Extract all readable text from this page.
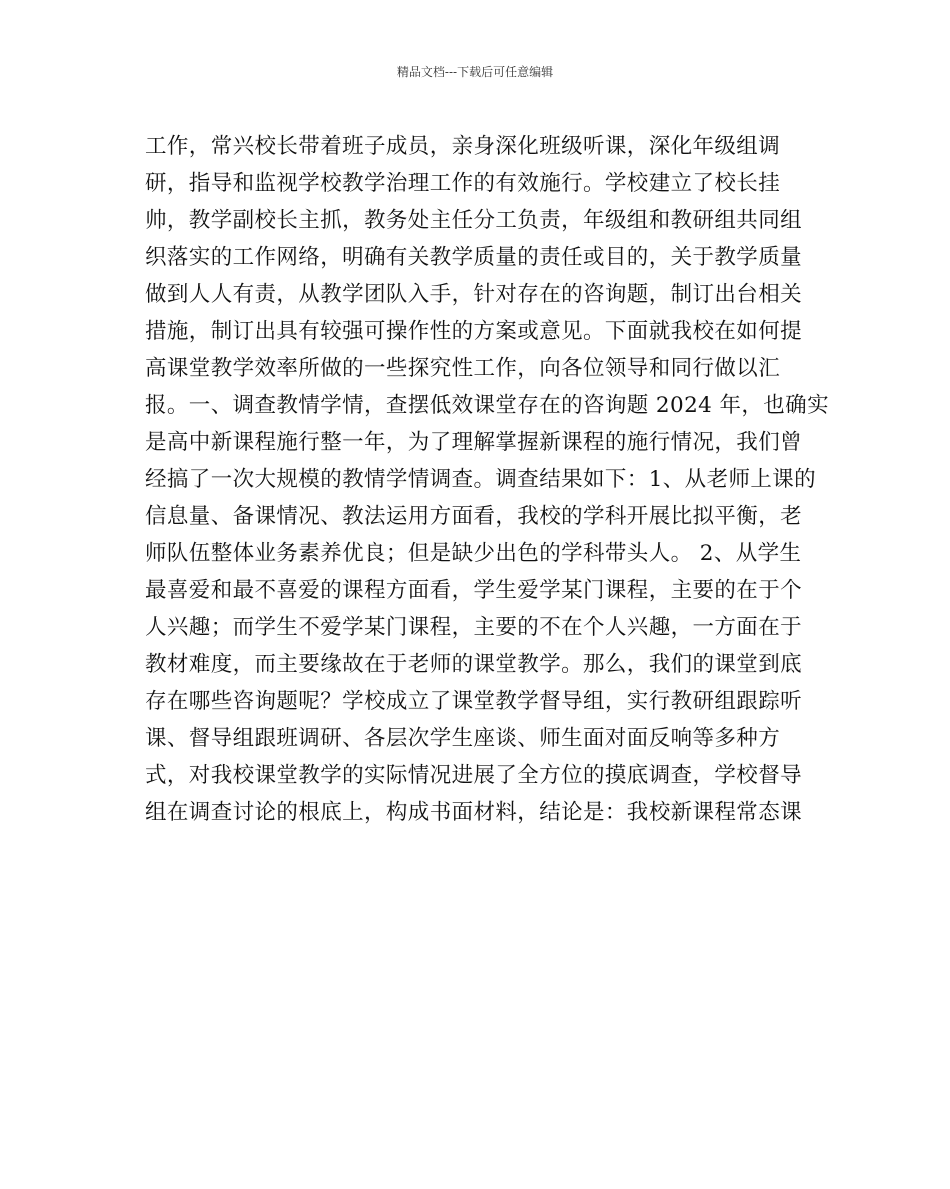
精品文档---下载后可任意编辑
工作，常兴校长带着班子成员，亲身深化班级听课，深化年级组调
研，指导和监视学校教学治理工作的有效施行。学校建立了校长挂
帅，教学副校长主抓，教务处主任分工负责，年级组和教研组共同组
织落实的工作网络，明确有关教学质量的责任或目的，关于教学质量
做到人人有责，从教学团队入手，针对存在的咨询题，制订出台相关
措施，制订出具有较强可操作性的方案或意见。下面就我校在如何提
高课堂教学效率所做的一些探究性工作，向各位领导和同行做以汇
报。一、调查教情学情，查摆低效课堂存在的咨询题 2024 年，也确实
是高中新课程施行整一年，为了理解掌握新课程的施行情况，我们曾
经搞了一次大规模的教情学情调查。调查结果如下：1、从老师上课的
信息量、备课情况、教法运用方面看，我校的学科开展比拟平衡，老
师队伍整体业务素养优良；但是缺少出色的学科带头人。 2、从学生
最喜爱和最不喜爱的课程方面看，学生爱学某门课程，主要的在于个
人兴趣；而学生不爱学某门课程，主要的不在个人兴趣，一方面在于
教材难度，而主要缘故在于老师的课堂教学。那么，我们的课堂到底
存在哪些咨询题呢？学校成立了课堂教学督导组，实行教研组跟踪听
课、督导组跟班调研、各层次学生座谈、师生面对面反响等多种方
式，对我校课堂教学的实际情况进展了全方位的摸底调查，学校督导
组在调查讨论的根底上，构成书面材料，结论是：我校新课程常态课
